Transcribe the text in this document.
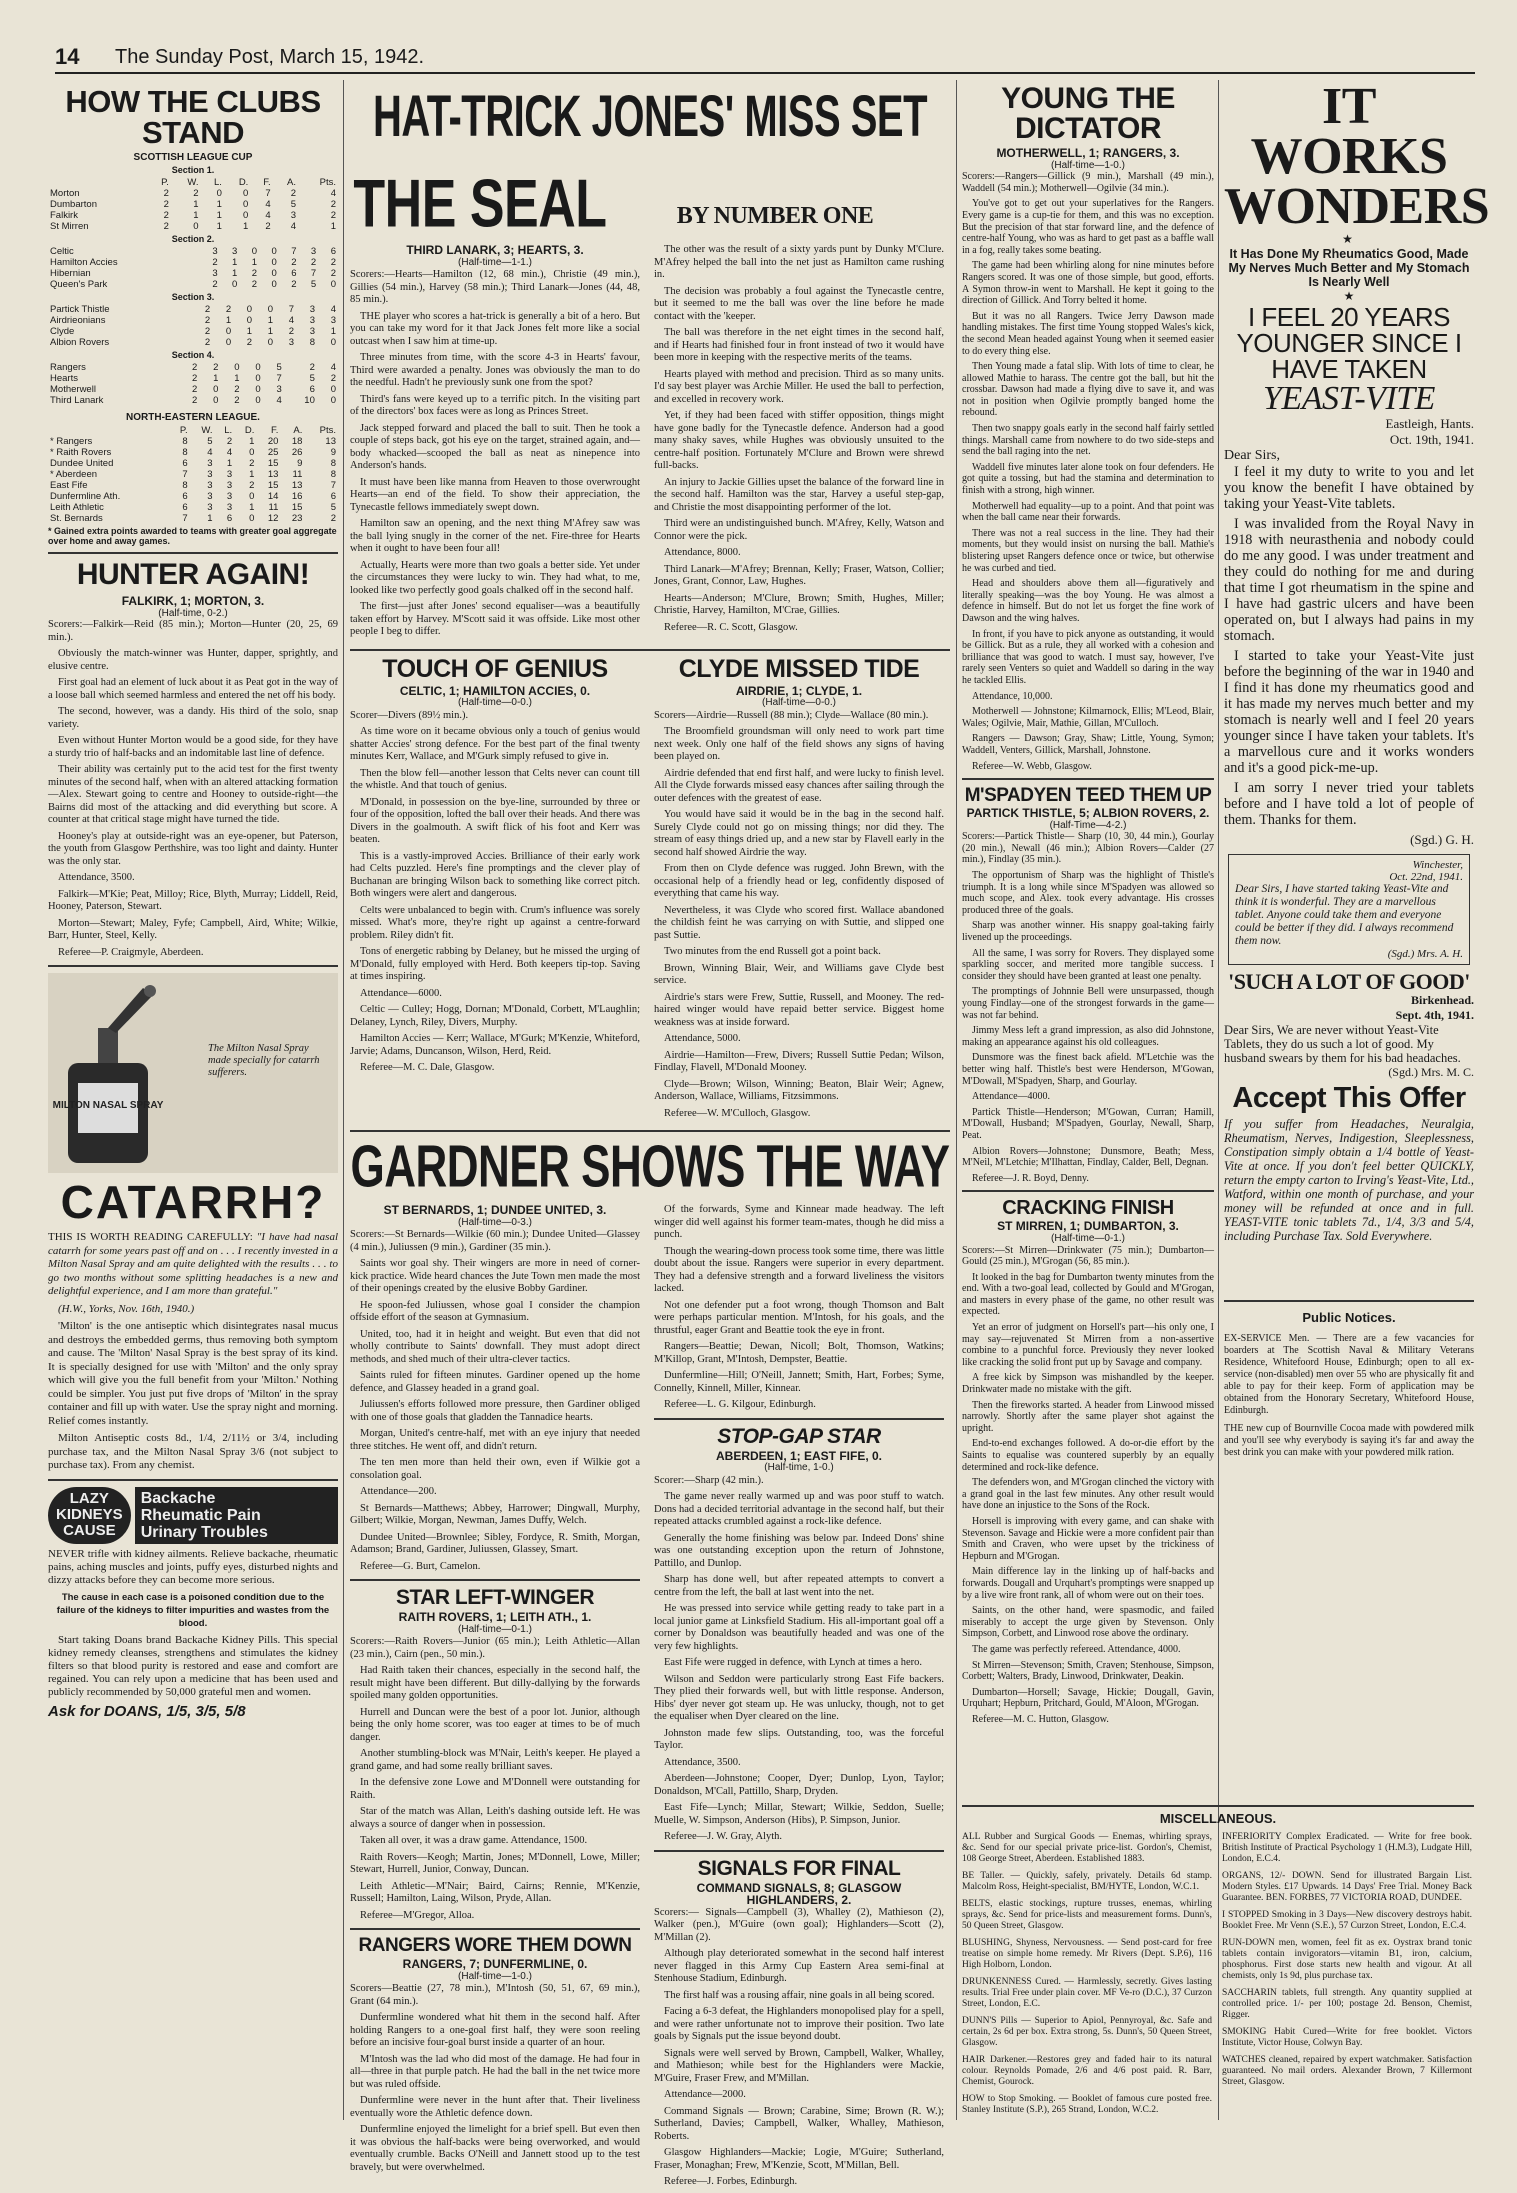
14 The Sunday Post, March 15, 1942.
HOW THE CLUBS STAND
SCOTTISH LEAGUE CUP
Section 1.
	P.	W.	L.	D.	F.	A.	Pts.
Morton	2	2	0	0	7	2	4
Dumbarton	2	1	1	0	4	5	2
Falkirk	2	1	1	0	4	3	2
St Mirren	2	0	1	1	2	4	1
Section 2.
Celtic	3	3	0	0	7	3	6
Hamilton Accies	2	1	1	0	2	2	2
Hibernian	3	1	2	0	6	7	2
Queen's Park	2	0	2	0	2	5	0
Section 3.
Partick Thistle	2	2	0	0	7	3	4
Airdrieonians	2	1	0	1	4	3	3
Clyde	2	0	1	1	2	3	1
Albion Rovers	2	0	2	0	3	8	0
Section 4.
Rangers	2	2	0	0	5	2	4
Hearts	2	1	1	0	7	5	2
Motherwell	2	0	2	0	3	6	0
Third Lanark	2	0	2	0	4	10	0
NORTH-EASTERN LEAGUE.
	P.	W.	L.	D.	F.	A.	Pts.
* Rangers	8	5	2	1	20	18	13
* Raith Rovers	8	4	4	0	25	26	9
Dundee United	6	3	1	2	15	9	8
* Aberdeen	7	3	3	1	13	11	8
East Fife	8	3	3	2	15	13	7
Dunfermline Ath.	6	3	3	0	14	16	6
Leith Athletic	6	3	3	1	11	15	5
St. Bernards	7	1	6	0	12	23	2
* Gained extra points awarded to teams with greater goal aggregate over home and away games.
HUNTER AGAIN!
FALKIRK, 1; MORTON, 3.
(Half-time, 0-2.)

Scorers:—Falkirk—Reid (85 min.); Morton—Hunter (20, 25, 69 min.).

Obviously the match-winner was Hunter, dapper, sprightly, and elusive centre.

First goal had an element of luck about it as Peat got in the way of a loose ball which seemed harmless and entered the net off his body.

The second, however, was a dandy. His third of the solo, snap variety.

Even without Hunter Morton would be a good side, for they have a sturdy trio of half-backs and an indomitable last line of defence.

Their ability was certainly put to the acid test for the first twenty minutes of the second half, when with an altered attacking formation—Alex. Stewart going to centre and Hooney to outside-right—the Bairns did most of the attacking and did everything but score. A counter at that critical stage might have turned the tide.

Hooney's play at outside-right was an eye-opener, but Paterson, the youth from Glasgow Perthshire, was too light and dainty. Hunter was the only star.

Attendance, 3500.

Falkirk—M'Kie; Peat, Milloy; Rice, Blyth, Murray; Liddell, Reid, Hooney, Paterson, Stewart.

Morton—Stewart; Maley, Fyfe; Campbell, Aird, White; Wilkie, Barr, Hunter, Steel, Kelly.

Referee—P. Craigmyle, Aberdeen.

MILTON NASAL SPRAY
The Milton Nasal Spray made specially for catarrh sufferers.
CATARRH?

THIS IS WORTH READING CAREFULLY: "I have had nasal catarrh for some years past off and on . . . I recently invested in a Milton Nasal Spray and am quite delighted with the results . . . to go two months without some splitting headaches is a new and delightful experience, and I am more than grateful."

(H.W., Yorks, Nov. 16th, 1940.)

'Milton' is the one antiseptic which disintegrates nasal mucus and destroys the embedded germs, thus removing both symptom and cause. The 'Milton' Nasal Spray is the best spray of its kind. It is specially designed for use with 'Milton' and the only spray which will give you the full benefit from your 'Milton.' Nothing could be simpler. You just put five drops of 'Milton' in the spray container and fill up with water. Use the spray night and morning. Relief comes instantly.

Milton Antiseptic costs 8d., 1/4, 2/11½ or 3/4, including purchase tax, and the Milton Nasal Spray 3/6 (not subject to purchase tax). From any chemist.

LAZY
KIDNEYS
CAUSE
Backache
Rheumatic Pain
Urinary Troubles

NEVER trifle with kidney ailments. Relieve backache, rheumatic pains, aching muscles and joints, puffy eyes, disturbed nights and dizzy attacks before they can become more serious.

The cause in each case is a poisoned condition due to the failure of the kidneys to filter impurities and wastes from the blood.

Start taking Doans brand Backache Kidney Pills. This special kidney remedy cleanses, strengthens and stimulates the kidney filters so that blood purity is restored and ease and comfort are regained. You can rely upon a medicine that has been used and publicly recommended by 50,000 grateful men and women.

Ask for DOANS, 1/5, 3/5, 5/8
HAT-TRICK JONES' MISS SET
THE SEAL	BY NUMBER ONE
THIRD LANARK, 3; HEARTS, 3.
(Half-time—1-1.)

Scorers:—Hearts—Hamilton (12, 68 min.), Christie (49 min.), Gillies (54 min.), Harvey (58 min.); Third Lanark—Jones (44, 48, 85 min.).

THE player who scores a hat-trick is generally a bit of a hero. But you can take my word for it that Jack Jones felt more like a social outcast when I saw him at time-up.

Three minutes from time, with the score 4-3 in Hearts' favour, Third were awarded a penalty. Jones was obviously the man to do the needful. Hadn't he previously sunk one from the spot?

Third's fans were keyed up to a terrific pitch. In the visiting part of the directors' box faces were as long as Princes Street.

Jack stepped forward and placed the ball to suit. Then he took a couple of steps back, got his eye on the target, strained again, and—body whacked—scooped the ball as neat as ninepence into Anderson's hands.

It must have been like manna from Heaven to those overwrought Hearts—an end of the field. To show their appreciation, the Tynecastle fellows immediately swept down.

Hamilton saw an opening, and the next thing M'Afrey saw was the ball lying snugly in the corner of the net. Fire-three for Hearts when it ought to have been four all!

Actually, Hearts were more than two goals a better side. Yet under the circumstances they were lucky to win. They had what, to me, looked like two perfectly good goals chalked off in the second half.

The first—just after Jones' second equaliser—was a beautifully taken effort by Harvey. M'Scott said it was offside. Like most other people I beg to differ.

The other was the result of a sixty yards punt by Dunky M'Clure. M'Afrey helped the ball into the net just as Hamilton came rushing in.

The decision was probably a foul against the Tynecastle centre, but it seemed to me the ball was over the line before he made contact with the 'keeper.

The ball was therefore in the net eight times in the second half, and if Hearts had finished four in front instead of two it would have been more in keeping with the respective merits of the teams.

Hearts played with method and precision. Third as so many units. I'd say best player was Archie Miller. He used the ball to perfection, and excelled in recovery work.

Yet, if they had been faced with stiffer opposition, things might have gone badly for the Tynecastle defence. Anderson had a good many shaky saves, while Hughes was obviously unsuited to the centre-half position. Fortunately M'Clure and Brown were shrewd full-backs.

An injury to Jackie Gillies upset the balance of the forward line in the second half. Hamilton was the star, Harvey a useful step-gap, and Christie the most disappointing performer of the lot.

Third were an undistinguished bunch. M'Afrey, Kelly, Watson and Connor were the pick.

Attendance, 8000.

Third Lanark—M'Afrey; Brennan, Kelly; Fraser, Watson, Collier; Jones, Grant, Connor, Law, Hughes.

Hearts—Anderson; M'Clure, Brown; Smith, Hughes, Miller; Christie, Harvey, Hamilton, M'Crae, Gillies.

Referee—R. C. Scott, Glasgow.

TOUCH OF GENIUS
CELTIC, 1; HAMILTON ACCIES, 0.
(Half-time—0-0.)

Scorer—Divers (89½ min.).

As time wore on it became obvious only a touch of genius would shatter Accies' strong defence. For the best part of the final twenty minutes Kerr, Wallace, and M'Gurk simply refused to give in.

Then the blow fell—another lesson that Celts never can count till the whistle. And that touch of genius.

M'Donald, in possession on the bye-line, surrounded by three or four of the opposition, lofted the ball over their heads. And there was Divers in the goalmouth. A swift flick of his foot and Kerr was beaten.

This is a vastly-improved Accies. Brilliance of their early work had Celts puzzled. Here's fine promptings and the clever play of Buchanan are bringing Wilson back to something like correct pitch. Both wingers were alert and dangerous.

Celts were unbalanced to begin with. Crum's influence was sorely missed. What's more, they're right up against a centre-forward problem. Riley didn't fit.

Tons of energetic rabbing by Delaney, but he missed the urging of M'Donald, fully employed with Herd. Both keepers tip-top. Saving at times inspiring.

Attendance—6000.

Celtic — Culley; Hogg, Dornan; M'Donald, Corbett, M'Laughlin; Delaney, Lynch, Riley, Divers, Murphy.

Hamilton Accies — Kerr; Wallace, M'Gurk; M'Kenzie, Whiteford, Jarvie; Adams, Duncanson, Wilson, Herd, Reid.

Referee—M. C. Dale, Glasgow.

CLYDE MISSED TIDE
AIRDRIE, 1; CLYDE, 1.
(Half-time—0-0.)

Scorers—Airdrie—Russell (88 min.); Clyde—Wallace (80 min.).

The Broomfield groundsman will only need to work part time next week. Only one half of the field shows any signs of having been played on.

Airdrie defended that end first half, and were lucky to finish level. All the Clyde forwards missed easy chances after sailing through the outer defences with the greatest of ease.

You would have said it would be in the bag in the second half. Surely Clyde could not go on missing things; nor did they. The stream of easy things dried up, and a new star by Flavell early in the second half showed Airdrie the way.

From then on Clyde defence was rugged. John Brewn, with the occasional help of a friendly head or leg, confidently disposed of everything that came his way.

Nevertheless, it was Clyde who scored first. Wallace abandoned the childish feint he was carrying on with Suttie, and slipped one past Suttie.

Two minutes from the end Russell got a point back.

Brown, Winning Blair, Weir, and Williams gave Clyde best service.

Airdrie's stars were Frew, Suttie, Russell, and Mooney. The red-haired winger would have repaid better service. Biggest home weakness was at inside forward.

Attendance, 5000.

Airdrie—Hamilton—Frew, Divers; Russell Suttie Pedan; Wilson, Findlay, Flavell, M'Donald Mooney.

Clyde—Brown; Wilson, Winning; Beaton, Blair Weir; Agnew, Anderson, Wallace, Williams, Fitzsimmons.

Referee—W. M'Culloch, Glasgow.

GARDNER SHOWS THE WAY
ST BERNARDS, 1; DUNDEE UNITED, 3.
(Half-time—0-3.)

Scorers:—St Bernards—Wilkie (60 min.); Dundee United—Glassey (4 min.), Juliussen (9 min.), Gardiner (35 min.).

Saints wor goal shy. Their wingers are more in need of corner-kick practice. Wide heard chances the Jute Town men made the most of their openings created by the elusive Bobby Gardiner.

He spoon-fed Juliussen, whose goal I consider the champion offside effort of the season at Gymnasium.

United, too, had it in height and weight. But even that did not wholly contribute to Saints' downfall. They must adopt direct methods, and shed much of their ultra-clever tactics.

Saints ruled for fifteen minutes. Gardiner opened up the home defence, and Glassey headed in a grand goal.

Juliussen's efforts followed more pressure, then Gardiner obliged with one of those goals that gladden the Tannadice hearts.

Morgan, United's centre-half, met with an eye injury that needed three stitches. He went off, and didn't return.

The ten men more than held their own, even if Wilkie got a consolation goal.

Attendance—200.

St Bernards—Matthews; Abbey, Harrower; Dingwall, Murphy, Gilbert; Wilkie, Morgan, Newman, James Duffy, Welch.

Dundee United—Brownlee; Sibley, Fordyce, R. Smith, Morgan, Adamson; Brand, Gardiner, Juliussen, Glassey, Smart.

Referee—G. Burt, Camelon.

STAR LEFT-WINGER
RAITH ROVERS, 1; LEITH ATH., 1.
(Half-time—0-1.)

Scorers:—Raith Rovers—Junior (65 min.); Leith Athletic—Allan (23 min.), Cairn (pen., 50 min.).

Had Raith taken their chances, especially in the second half, the result might have been different. But dilly-dallying by the forwards spoiled many golden opportunities.

Hurrell and Duncan were the best of a poor lot. Junior, although being the only home scorer, was too eager at times to be of much danger.

Another stumbling-block was M'Nair, Leith's keeper. He played a grand game, and had some really brilliant saves.

In the defensive zone Lowe and M'Donnell were outstanding for Raith.

Star of the match was Allan, Leith's dashing outside left. He was always a source of danger when in possession.

Taken all over, it was a draw game. Attendance, 1500.

Raith Rovers—Keogh; Martin, Jones; M'Donnell, Lowe, Miller; Stewart, Hurrell, Junior, Conway, Duncan.

Leith Athletic—M'Nair; Baird, Cairns; Rennie, M'Kenzie, Russell; Hamilton, Laing, Wilson, Pryde, Allan.

Referee—M'Gregor, Alloa.

RANGERS WORE THEM DOWN
RANGERS, 7; DUNFERMLINE, 0.
(Half-time—1-0.)

Scorers—Beattie (27, 78 min.), M'Intosh (50, 51, 67, 69 min.), Grant (64 min.).

Dunfermline wondered what hit them in the second half. After holding Rangers to a one-goal first half, they were soon reeling before an incisive four-goal burst inside a quarter of an hour.

M'Intosh was the lad who did most of the damage. He had four in all—three in that purple patch. He had the ball in the net twice more but was ruled offside.

Dunfermline were never in the hunt after that. Their liveliness eventually wore the Athletic defence down.

Dunfermline enjoyed the limelight for a brief spell. But even then it was obvious the half-backs were being overworked, and would eventually crumble. Backs O'Neill and Jannett stood up to the test bravely, but were overwhelmed.

Of the forwards, Syme and Kinnear made headway. The left winger did well against his former team-mates, though he did miss a punch.

Though the wearing-down process took some time, there was little doubt about the issue. Rangers were superior in every department. They had a defensive strength and a forward liveliness the visitors lacked.

Not one defender put a foot wrong, though Thomson and Balt were perhaps particular mention. M'Intosh, for his goals, and the thrustful, eager Grant and Beattie took the eye in front.

Rangers—Beattie; Dewan, Nicoll; Bolt, Thomson, Watkins; M'Killop, Grant, M'Intosh, Dempster, Beattie.

Dunfermline—Hill; O'Neill, Jannett; Smith, Hart, Forbes; Syme, Connelly, Kinnell, Miller, Kinnear.

Referee—L. G. Kilgour, Edinburgh.

STOP-GAP STAR
ABERDEEN, 1; EAST FIFE, 0.
(Half-time, 1-0.)

Scorer:—Sharp (42 min.).

The game never really warmed up and was poor stuff to watch. Dons had a decided territorial advantage in the second half, but their repeated attacks crumbled against a rock-like defence.

Generally the home finishing was below par. Indeed Dons' shine was one outstanding exception upon the return of Johnstone, Pattillo, and Dunlop.

Sharp has done well, but after repeated attempts to convert a centre from the left, the ball at last went into the net.

He was pressed into service while getting ready to take part in a local junior game at Linksfield Stadium. His all-important goal off a corner by Donaldson was beautifully headed and was one of the very few highlights.

East Fife were rugged in defence, with Lynch at times a hero.

Wilson and Seddon were particularly strong East Fife backers. They plied their forwards well, but with little response. Anderson, Hibs' dyer never got steam up. He was unlucky, though, not to get the equaliser when Dyer cleared on the line.

Johnston made few slips. Outstanding, too, was the forceful Taylor.

Attendance, 3500.

Aberdeen—Johnstone; Cooper, Dyer; Dunlop, Lyon, Taylor; Donaldson, M'Call, Pattillo, Sharp, Dryden.

East Fife—Lynch; Millar, Stewart; Wilkie, Seddon, Suelle; Muelle, W. Simpson, Anderson (Hibs), P. Simpson, Junior.

Referee—J. W. Gray, Alyth.

SIGNALS FOR FINAL
COMMAND SIGNALS, 8; GLASGOW HIGHLANDERS, 2.

Scorers:— Signals—Campbell (3), Whalley (2), Mathieson (2), Walker (pen.), M'Guire (own goal); Highlanders—Scott (2), M'Millan (2).

Although play deteriorated somewhat in the second half interest never flagged in this Army Cup Eastern Area semi-final at Stenhouse Stadium, Edinburgh.

The first half was a rousing affair, nine goals in all being scored.

Facing a 6-3 defeat, the Highlanders monopolised play for a spell, and were rather unfortunate not to improve their position. Two late goals by Signals put the issue beyond doubt.

Signals were well served by Brown, Campbell, Walker, Whalley, and Mathieson; while best for the Highlanders were Mackie, M'Guire, Fraser Frew, and M'Millan.

Attendance—2000.

Command Signals — Brown; Carabine, Sime; Brown (R. W.); Sutherland, Davies; Campbell, Walker, Whalley, Mathieson, Roberts.

Glasgow Highlanders—Mackie; Logie, M'Guire; Sutherland, Fraser, Monaghan; Frew, M'Kenzie, Scott, M'Millan, Bell.

Referee—J. Forbes, Edinburgh.

YOUNG THE DICTATOR
MOTHERWELL, 1; RANGERS, 3.
(Half-time—1-0.)

Scorers:—Rangers—Gillick (9 min.), Marshall (49 min.), Waddell (54 min.); Motherwell—Ogilvie (34 min.).

You've got to get out your superlatives for the Rangers. Every game is a cup-tie for them, and this was no exception. But the precision of that star forward line, and the defence of centre-half Young, who was as hard to get past as a baffle wall in a fog, really takes some beating.

The game had been whirling along for nine minutes before Rangers scored. It was one of those simple, but good, efforts. A Symon throw-in went to Marshall. He kept it going to the direction of Gillick. And Torry belted it home.

But it was no all Rangers. Twice Jerry Dawson made handling mistakes. The first time Young stopped Wales's kick, the second Mean headed against Young when it seemed easier to do every thing else.

Then Young made a fatal slip. With lots of time to clear, he allowed Mathie to harass. The centre got the ball, but hit the crossbar. Dawson had made a flying dive to save it, and was not in position when Ogilvie promptly banged home the rebound.

Then two snappy goals early in the second half fairly settled things. Marshall came from nowhere to do two side-steps and send the ball raging into the net.

Waddell five minutes later alone took on four defenders. He got quite a tossing, but had the stamina and determination to finish with a strong, high winner.

Motherwell had equality—up to a point. And that point was when the ball came near their forwards.

There was not a real success in the line. They had their moments, but they would insist on nursing the ball. Mathie's blistering upset Rangers defence once or twice, but otherwise he was curbed and tied.

Head and shoulders above them all—figuratively and literally speaking—was the boy Young. He was almost a defence in himself. But do not let us forget the fine work of Dawson and the wing halves.

In front, if you have to pick anyone as outstanding, it would be Gillick. But as a rule, they all worked with a cohesion and brilliance that was good to watch. I must say, however, I've rarely seen Venters so quiet and Waddell so daring in the way he tackled Ellis.

Attendance, 10,000.

Motherwell — Johnstone; Kilmarnock, Ellis; M'Leod, Blair, Wales; Ogilvie, Mair, Mathie, Gillan, M'Culloch.

Rangers — Dawson; Gray, Shaw; Little, Young, Symon; Waddell, Venters, Gillick, Marshall, Johnstone.

Referee—W. Webb, Glasgow.

M'SPADYEN TEED THEM UP
PARTICK THISTLE, 5; ALBION ROVERS, 2.
(Half-Time—4-2.)

Scorers:—Partick Thistle— Sharp (10, 30, 44 min.), Gourlay (20 min.), Newall (46 min.); Albion Rovers—Calder (27 min.), Findlay (35 min.).

The opportunism of Sharp was the highlight of Thistle's triumph. It is a long while since M'Spadyen was allowed so much scope, and Alex. took every advantage. His crosses produced three of the goals.

Sharp was another winner. His snappy goal-taking fairly livened up the proceedings.

All the same, I was sorry for Rovers. They displayed some sparkling soccer, and merited more tangible success. I consider they should have been granted at least one penalty.

The promptings of Johnnie Bell were unsurpassed, though young Findlay—one of the strongest forwards in the game—was not far behind.

Jimmy Mess left a grand impression, as also did Johnstone, making an appearance against his old colleagues.

Dunsmore was the finest back afield. M'Letchie was the better wing half. Thistle's best were Henderson, M'Gowan, M'Dowall, M'Spadyen, Sharp, and Gourlay.

Attendance—4000.

Partick Thistle—Henderson; M'Gowan, Curran; Hamill, M'Dowall, Husband; M'Spadyen, Gourlay, Newall, Sharp, Peat.

Albion Rovers—Johnstone; Dunsmore, Beath; Mess, M'Neil, M'Letchie; M'Ilhattan, Findlay, Calder, Bell, Degnan.

Referee—J. R. Boyd, Denny.

CRACKING FINISH
ST MIRREN, 1; DUMBARTON, 3.
(Half-time—0-1.)

Scorers:—St Mirren—Drinkwater (75 min.); Dumbarton—Gould (25 min.), M'Grogan (56, 85 min.).

It looked in the bag for Dumbarton twenty minutes from the end. With a two-goal lead, collected by Gould and M'Grogan, and masters in every phase of the game, no other result was expected.

Yet an error of judgment on Horsell's part—his only one, I may say—rejuvenated St Mirren from a non-assertive combine to a punchful force. Previously they never looked like cracking the solid front put up by Savage and company.

A free kick by Simpson was mishandled by the keeper. Drinkwater made no mistake with the gift.

Then the fireworks started. A header from Linwood missed narrowly. Shortly after the same player shot against the upright.

End-to-end exchanges followed. A do-or-die effort by the Saints to equalise was countered superbly by an equally determined and rock-like defence.

The defenders won, and M'Grogan clinched the victory with a grand goal in the last few minutes. Any other result would have done an injustice to the Sons of the Rock.

Horsell is improving with every game, and can shake with Stevenson. Savage and Hickie were a more confident pair than Smith and Craven, who were upset by the trickiness of Hepburn and M'Grogan.

Main difference lay in the linking up of half-backs and forwards. Dougall and Urquhart's promptings were snapped up by a live wire front rank, all of whom were out on their toes.

Saints, on the other hand, were spasmodic, and failed miserably to accept the urge given by Stevenson. Only Simpson, Corbett, and Linwood rose above the ordinary.

The game was perfectly refereed. Attendance, 4000.

St Mirren—Stevenson; Smith, Craven; Stenhouse, Simpson, Corbett; Walters, Brady, Linwood, Drinkwater, Deakin.

Dumbarton—Horsell; Savage, Hickie; Dougall, Gavin, Urquhart; Hepburn, Pritchard, Gould, M'Aloon, M'Grogan.

Referee—M. C. Hutton, Glasgow.

IT WORKS WONDERS
★
It Has Done My Rheumatics Good, Made My Nerves Much Better and My Stomach Is Nearly Well
★
I FEEL 20 YEARS YOUNGER SINCE I HAVE TAKEN
YEAST-VITE
Eastleigh, Hants.
Oct. 19th, 1941.
Dear Sirs,

I feel it my duty to write to you and let you know the benefit I have obtained by taking your Yeast-Vite tablets.

I was invalided from the Royal Navy in 1918 with neurasthenia and nobody could do me any good. I was under treatment and they could do nothing for me and during that time I got rheumatism in the spine and I have had gastric ulcers and have been operated on, but I always had pains in my stomach.

I started to take your Yeast-Vite just before the beginning of the war in 1940 and I find it has done my rheumatics good and it has made my nerves much better and my stomach is nearly well and I feel 20 years younger since I have taken your tablets. It's a marvellous cure and it works wonders and it's a good pick-me-up.

I am sorry I never tried your tablets before and I have told a lot of people of them. Thanks for them.

(Sgd.) G. H.
Winchester,
Oct. 22nd, 1941.
Dear Sirs, I have started taking Yeast-Vite and think it is wonderful. They are a marvellous tablet. Anyone could take them and everyone could be better if they did. I always recommend them now.
(Sgd.) Mrs. A. H.
'SUCH A LOT OF GOOD'
Birkenhead.
Sept. 4th, 1941.
Dear Sirs, We are never without Yeast-Vite Tablets, they do us such a lot of good. My husband swears by them for his bad headaches.
(Sgd.) Mrs. M. C.
Accept This Offer
If you suffer from Headaches, Neuralgia, Rheumatism, Nerves, Indigestion, Sleeplessness, Constipation simply obtain a 1/4 bottle of Yeast-Vite at once. If you don't feel better QUICKLY, return the empty carton to Irving's Yeast-Vite, Ltd., Watford, within one month of purchase, and your money will be refunded at once and in full. YEAST-VITE tonic tablets 7d., 1/4, 3/3 and 5/4, including Purchase Tax. Sold Everywhere.
Public Notices.
EX-SERVICE Men. — There are a few vacancies for boarders at The Scottish Naval & Military Veterans Residence, Whitefoord House, Edinburgh; open to all ex-service (non-disabled) men over 55 who are physically fit and able to pay for their keep. Form of application may be obtained from the Honorary Secretary, Whitefoord House, Edinburgh.
THE new cup of Bournville Cocoa made with powdered milk and you'll see why everybody is saying it's far and away the best drink you can make with your powdered milk ration.
MISCELLANEOUS.
ALL Rubber and Surgical Goods — Enemas, whirling sprays, &c. Send for our special private price-list. Gordon's, Chemist, 108 George Street, Aberdeen. Established 1883.
BE Taller. — Quickly, safely, privately. Details 6d stamp. Malcolm Ross, Height-specialist, BM/HYTE, London, W.C.1.
BELTS, elastic stockings, rupture trusses, enemas, whirling sprays, &c. Send for price-lists and measurement forms. Dunn's, 50 Queen Street, Glasgow.
BLUSHING, Shyness, Nervousness. — Send post-card for free treatise on simple home remedy. Mr Rivers (Dept. S.P.6), 116 High Holborn, London.
DRUNKENNESS Cured. — Harmlessly, secretly. Gives lasting results. Trial Free under plain cover. MF Ve-ro (D.C.), 37 Curzon Street, London, E.C.
DUNN'S Pills — Superior to Apiol, Pennyroyal, &c. Safe and certain, 2s 6d per box. Extra strong, 5s. Dunn's, 50 Queen Street, Glasgow.
HAIR Darkener.—Restores grey and faded hair to its natural colour. Reynolds Pomade, 2/6 and 4/6 post paid. R. Barr, Chemist, Gourock.
HOW to Stop Smoking. — Booklet of famous cure posted free. Stanley Institute (S.P.), 265 Strand, London, W.C.2.
INFERIORITY Complex Eradicated. — Write for free book. British Institute of Practical Psychology 1 (H.M.3), Ludgate Hill, London, E.C.4.
ORGANS, 12/- DOWN. Send for illustrated Bargain List. Modern Styles. £17 Upwards. 14 Days' Free Trial. Money Back Guarantee. BEN. FORBES, 77 VICTORIA ROAD, DUNDEE.
I STOPPED Smoking in 3 Days—New discovery destroys habit. Booklet Free. Mr Venn (S.E.), 57 Curzon Street, London, E.C.4.
RUN-DOWN men, women, feel fit as ex. Oystrax brand tonic tablets contain invigorators—vitamin B1, iron, calcium, phosphorus. First dose starts new health and vigour. At all chemists, only 1s 9d, plus purchase tax.
SACCHARIN tablets, full strength. Any quantity supplied at controlled price. 1/- per 100; postage 2d. Benson, Chemist, Rigger.
SMOKING Habit Cured—Write for free booklet. Victors Institute, Victor House, Colwyn Bay.
WATCHES cleaned, repaired by expert watchmaker. Satisfaction guaranteed. No mail orders. Alexander Brown, 7 Killermont Street, Glasgow.
